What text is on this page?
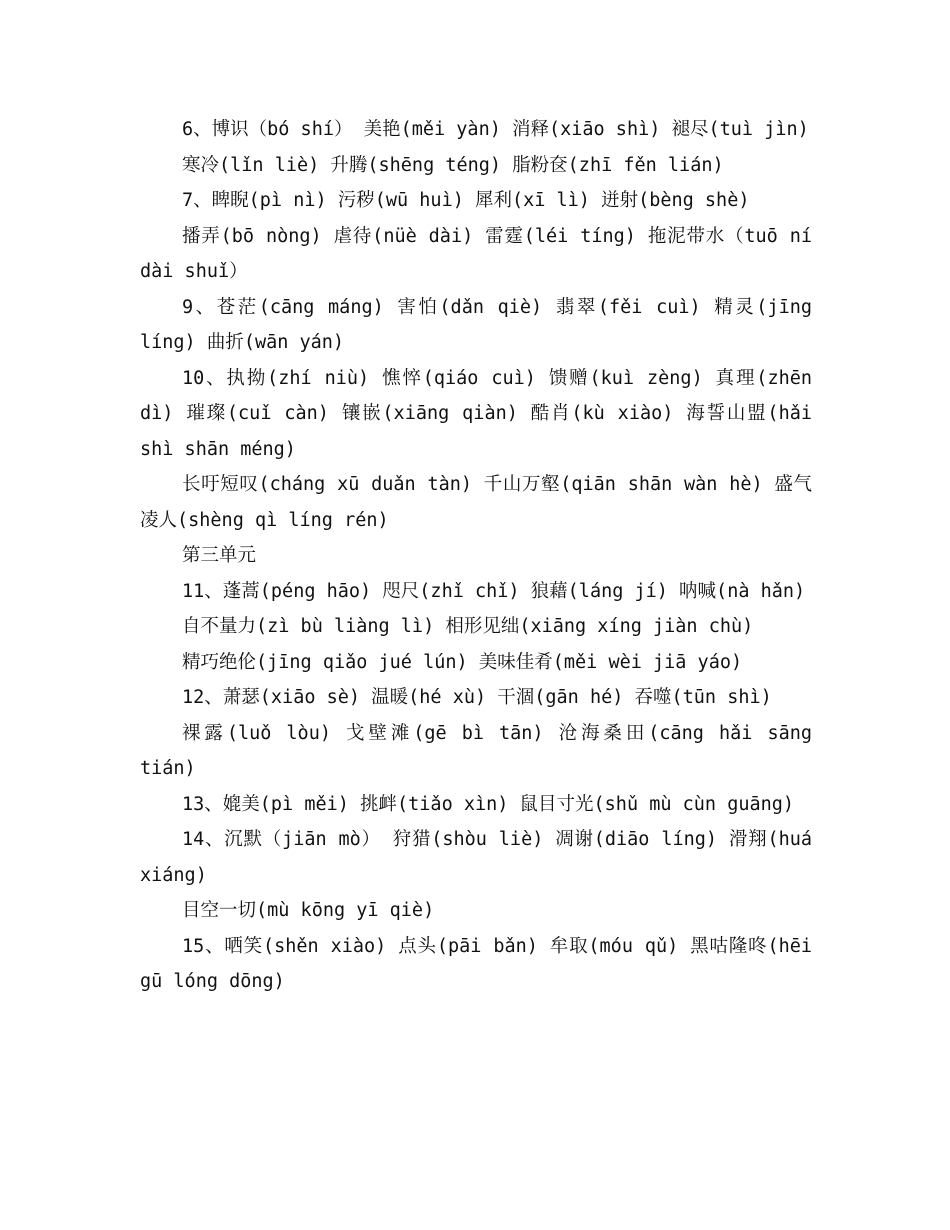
6、博识（bó shí） 美艳(měi yàn) 消释(xiāo shì) 褪尽(tuì jìn)

寒冷(lǐn liè) 升腾(shēng téng) 脂粉奁(zhī fěn lián)

7、睥睨(pì nì) 污秽(wū huì) 犀利(xī lì) 迸射(bèng shè)

播弄(bō nòng) 虐待(nüè dài) 雷霆(léi tíng) 拖泥带水（tuō ní dài shuǐ）

9、苍茫(cāng máng) 害怕(dǎn qiè) 翡翠(fěi cuì) 精灵(jīng líng) 曲折(wān yán)

10、执拗(zhí niù) 憔悴(qiáo cuì) 馈赠(kuì zèng) 真理(zhēn dì) 璀璨(cuǐ càn) 镶嵌(xiāng qiàn) 酷肖(kù xiào) 海誓山盟(hǎi shì shān méng)

长吁短叹(cháng xū duǎn tàn) 千山万壑(qiān shān wàn hè) 盛气凌人(shèng qì líng rén)

第三单元

11、蓬蒿(péng hāo) 咫尺(zhǐ chǐ) 狼藉(láng jí) 呐喊(nà hǎn)

自不量力(zì bù liàng lì) 相形见绌(xiāng xíng jiàn chù)

精巧绝伦(jīng qiǎo jué lún) 美味佳肴(měi wèi jiā yáo)

12、萧瑟(xiāo sè) 温暖(hé xù) 干涸(gān hé) 吞噬(tūn shì)

裸露(luǒ lòu) 戈壁滩(gē bì tān) 沧海桑田(cāng hǎi sāng tián)

13、媲美(pì měi) 挑衅(tiǎo xìn) 鼠目寸光(shǔ mù cùn guāng)

14、沉默（jiān mò） 狩猎(shòu liè) 凋谢(diāo líng) 滑翔(huá xiáng)

目空一切(mù kōng yī qiè)

15、哂笑(shěn xiào) 点头(pāi bǎn) 牟取(móu qǔ) 黑咕隆咚(hēi gū lóng dōng)
